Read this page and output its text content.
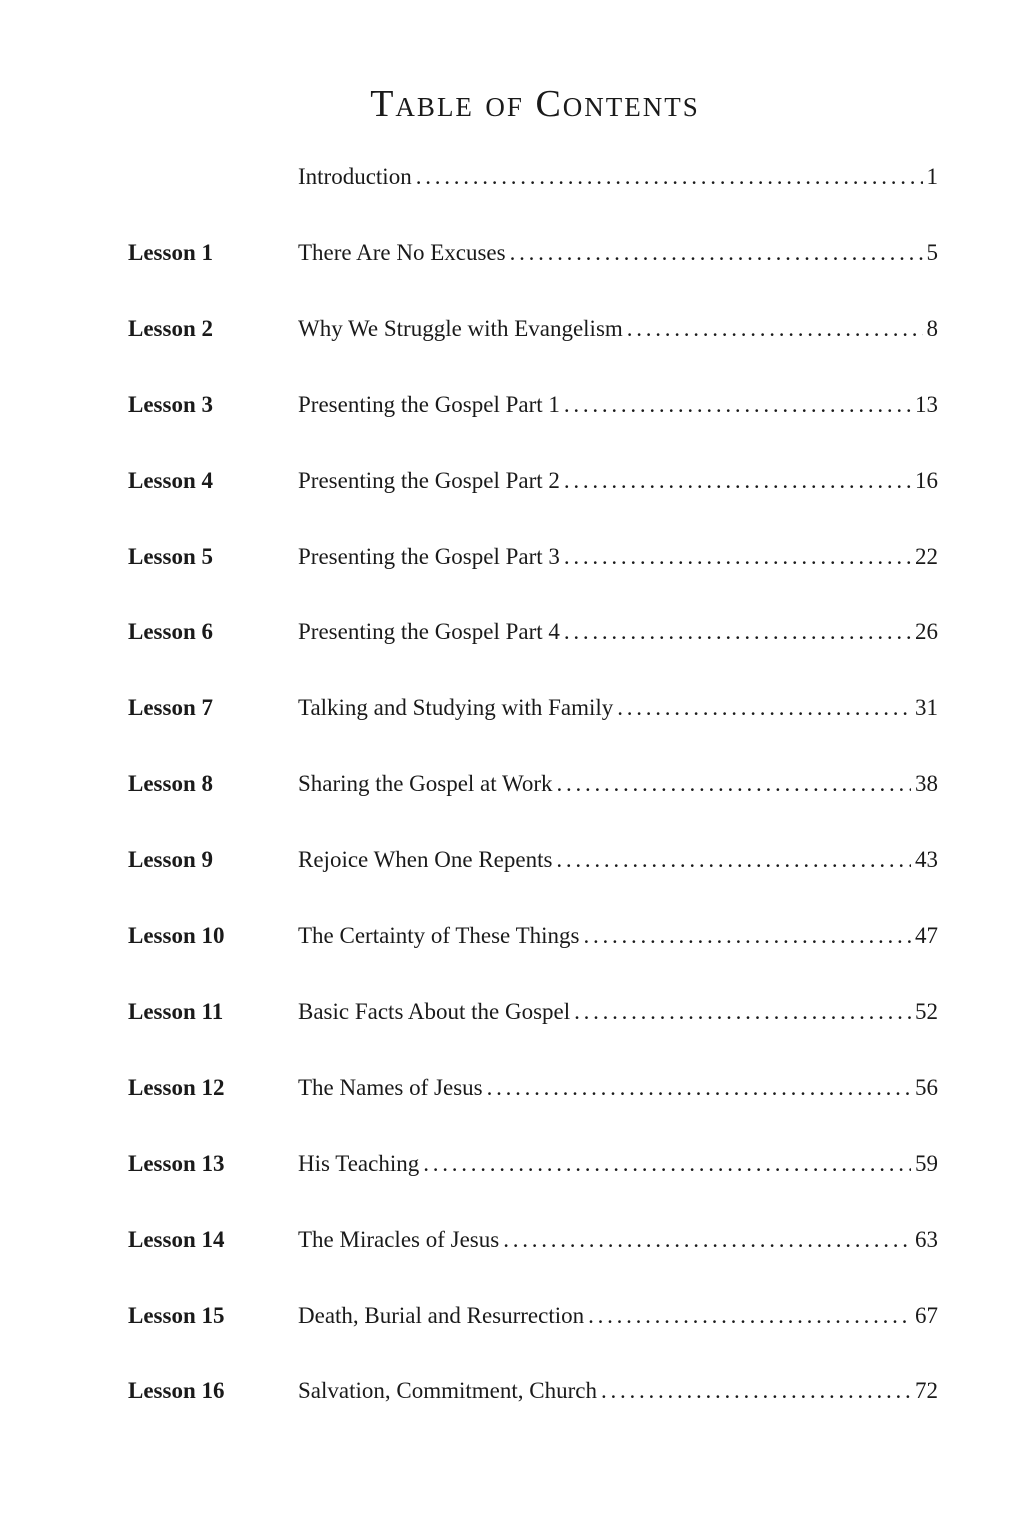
Table of Contents
Introduction . . .	1
Lesson 1	There Are No Excuses . . .	5
Lesson 2	Why We Struggle with Evangelism . . .	8
Lesson 3	Presenting the Gospel Part 1 . . .	13
Lesson 4	Presenting the Gospel Part 2 . . .	16
Lesson 5	Presenting the Gospel Part 3 . . .	22
Lesson 6	Presenting the Gospel Part 4 . . .	26
Lesson 7	Talking and Studying with Family . . .	31
Lesson 8	Sharing the Gospel at Work . . .	38
Lesson 9	Rejoice When One Repents . . .	43
Lesson 10	The Certainty of These Things . . .	47
Lesson 11	Basic Facts About the Gospel . . .	52
Lesson 12	The Names of Jesus . . .	56
Lesson 13	His Teaching . . .	59
Lesson 14	The Miracles of Jesus . . .	63
Lesson 15	Death, Burial and Resurrection . . .	67
Lesson 16	Salvation, Commitment, Church . . .	72
